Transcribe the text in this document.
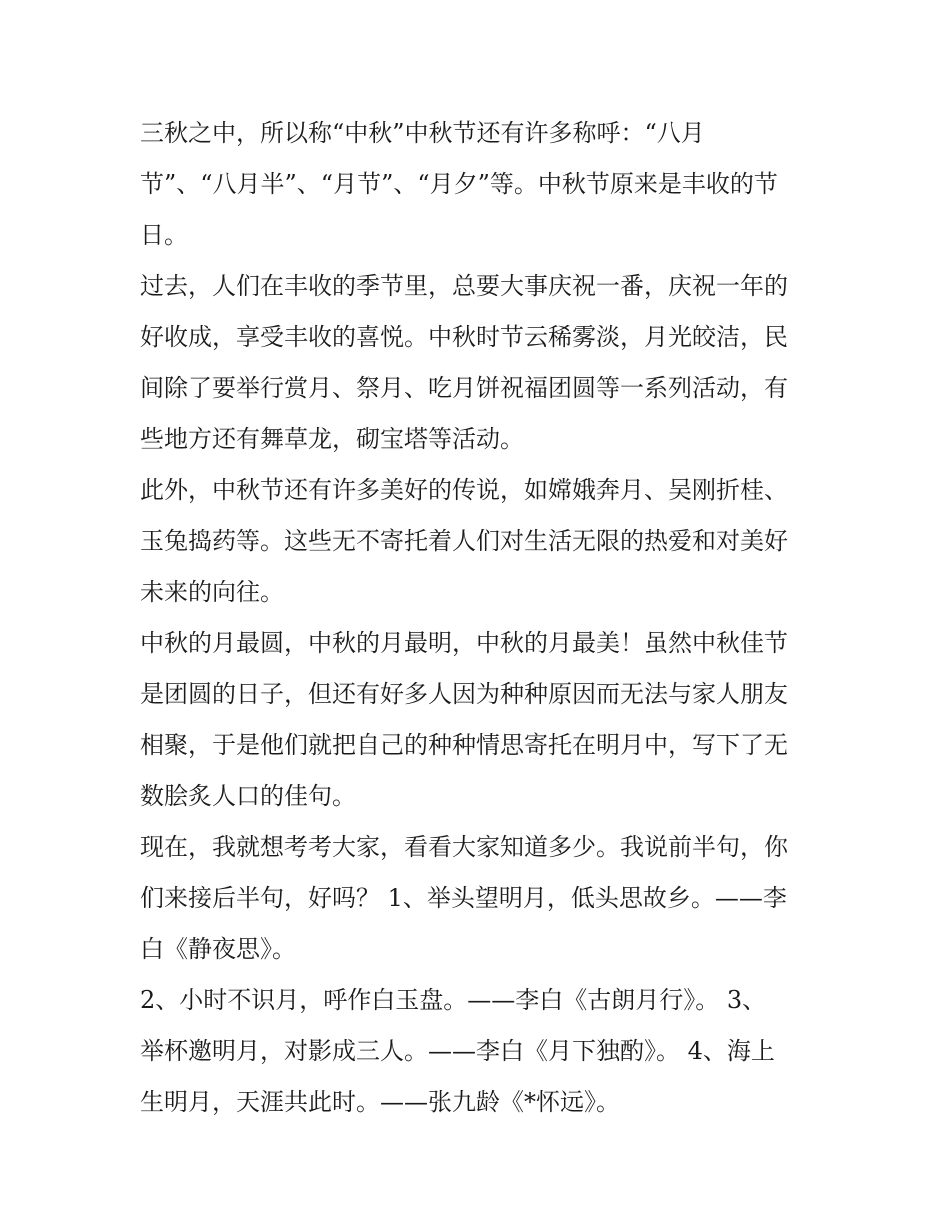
三秋之中，所以称“中秋”中秋节还有许多称呼：“八月
节”、“八月半”、“月节”、“月夕”等。中秋节原来是丰收的节
日。
过去，人们在丰收的季节里，总要大事庆祝一番，庆祝一年的
好收成，享受丰收的喜悦。中秋时节云稀雾淡，月光皎洁，民
间除了要举行赏月、祭月、吃月饼祝福团圆等一系列活动，有
些地方还有舞草龙，砌宝塔等活动。
此外，中秋节还有许多美好的传说，如嫦娥奔月、吴刚折桂、
玉兔捣药等。这些无不寄托着人们对生活无限的热爱和对美好
未来的向往。
中秋的月最圆，中秋的月最明，中秋的月最美！虽然中秋佳节
是团圆的日子，但还有好多人因为种种原因而无法与家人朋友
相聚，于是他们就把自己的种种情思寄托在明月中，写下了无
数脍炙人口的佳句。
现在，我就想考考大家，看看大家知道多少。我说前半句，你
们来接后半句，好吗？ 1、举头望明月，低头思故乡。——李
白《静夜思》。
2、小时不识月，呼作白玉盘。——李白《古朗月行》。 3、
举杯邀明月，对影成三人。——李白《月下独酌》。 4、海上
生明月，天涯共此时。——张九龄《*怀远》。
